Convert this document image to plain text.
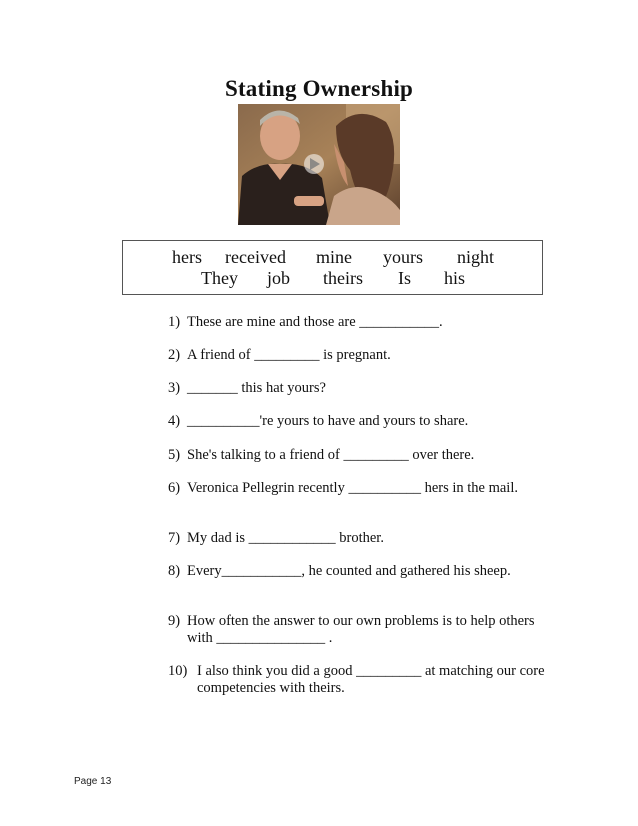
Stating Ownership
hers received mine yours night
They job theirs Is his
1) These are mine and those are ___________.
2) A friend of _________ is pregnant.
3) _______ this hat yours?
4) __________'re yours to have and yours to share.
5) She's talking to a friend of _________ over there.
6) Veronica Pellegrin recently __________ hers in the mail.
7) My dad is ____________ brother.
8) Every___________, he counted and gathered his sheep.
9) How often the answer to our own problems is to help others with _______________ .
10) I also think you did a good _________ at matching our core competencies with theirs.
Page 13
